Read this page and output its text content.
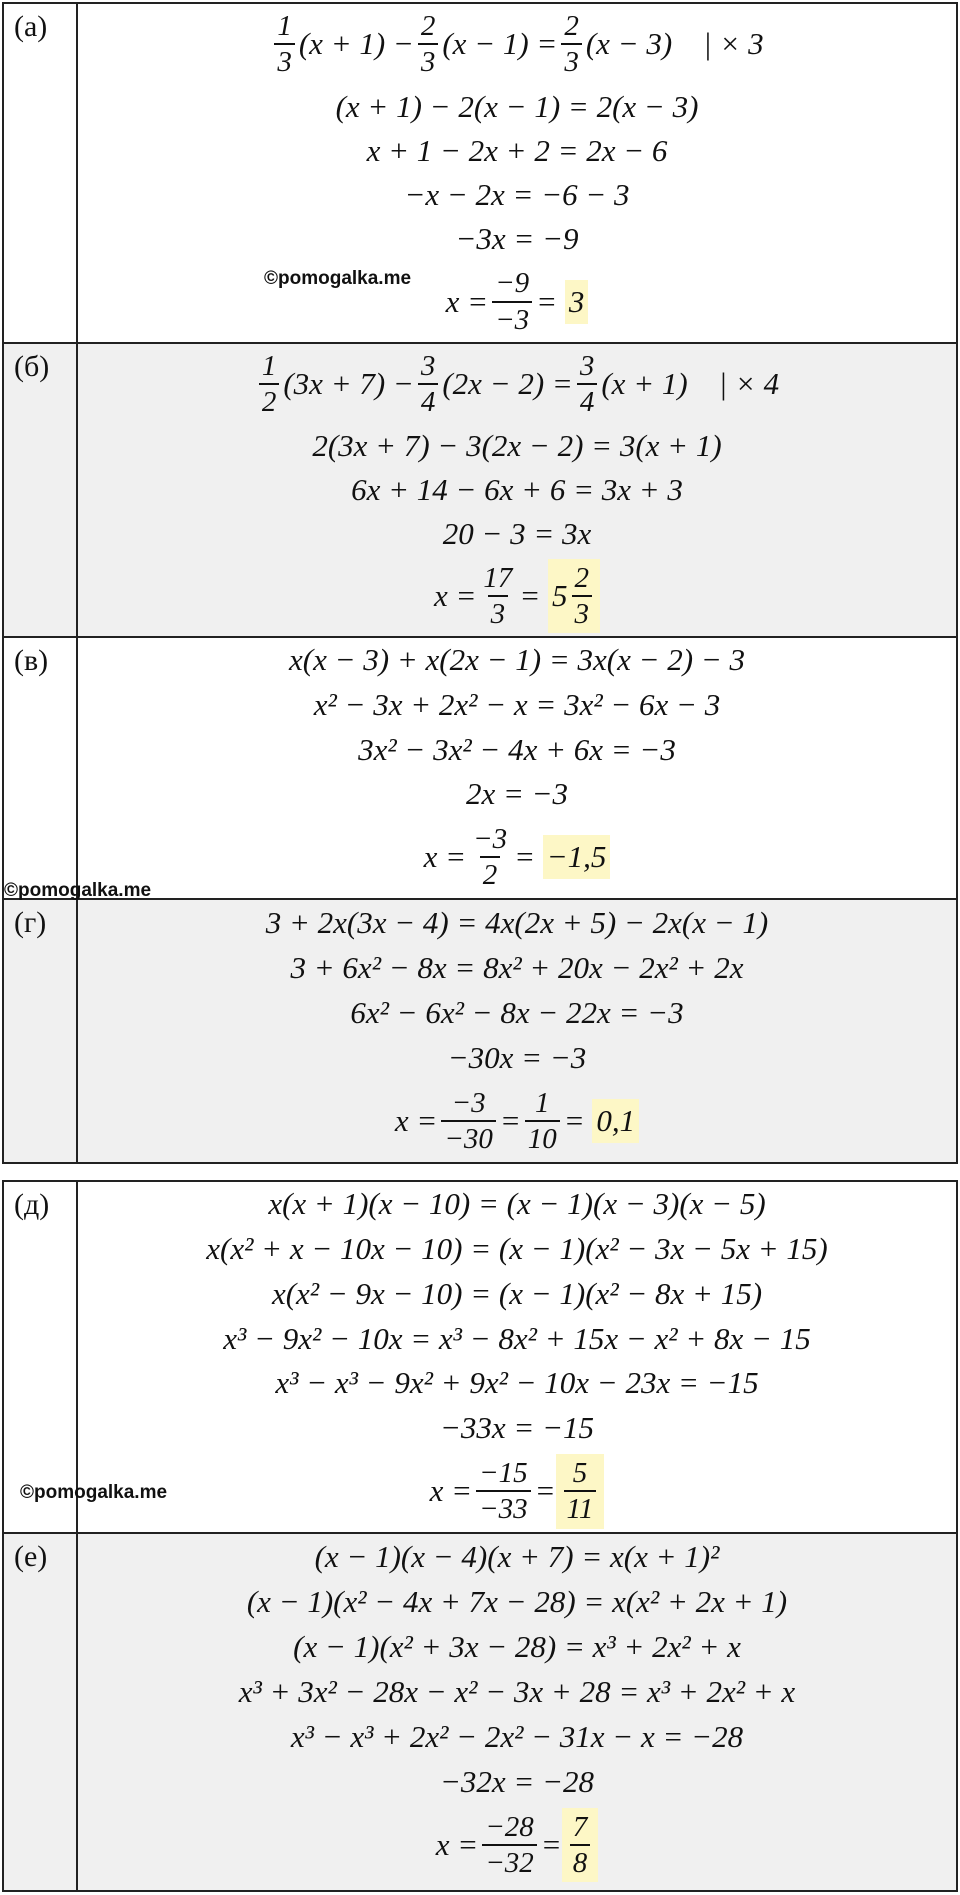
(а)	$\frac{1}{3} (x + 1) - \frac{2}{3} (x - 1) = \frac{2}{3} (x - 3)$    | × 3
(x + 1) − 2(x − 1) = 2(x − 3)
x + 1 − 2x + 2 = 2x − 6
−x − 2x = −6 − 3
−3x = −9
$x = \frac{-9}{-3} = 3$
(б)	$\frac{1}{2} (3x + 7) - \frac{3}{4} (2x - 2) = \frac{3}{4} (x + 1)$    | × 4
2(3x + 7) − 3(2x − 2) = 3(x + 1)
6x + 14 − 6x + 6 = 3x + 3
20 − 3 = 3x
$x = \frac{17}{3} = 5 \frac{2}{3}$
(в)	x(x − 3) + x(2x − 1) = 3x(x − 2) − 3
x² − 3x + 2x² − x = 3x² − 6x − 3
3x² − 3x² − 4x + 6x = −3
2x = −3
$x = \frac{-3}{2} = -1,5$
(г)	3 + 2x(3x − 4) = 4x(2x + 5) − 2x(x − 1)
3 + 6x² − 8x = 8x² + 20x − 2x² + 2x
6x² − 6x² − 8x − 22x = −3
−30x = −3
$x = \frac{-3}{-30} = \frac{1}{10} = 0,1$
(д)	x(x + 1)(x − 10) = (x − 1)(x − 3)(x − 5)
x(x² + x − 10x − 10) = (x − 1)(x² − 3x − 5x + 15)
x(x² − 9x − 10) = (x − 1)(x² − 8x + 15)
x³ − 9x² − 10x = x³ − 8x² + 15x − x² + 8x − 15
x³ − x³ − 9x² + 9x² − 10x − 23x = −15
−33x = −15
$x = \frac{-15}{-33} = \frac{5}{11}$
(е)	(x − 1)(x − 4)(x + 7) = x(x + 1)²
(x − 1)(x² − 4x + 7x − 28) = x(x² + 2x + 1)
(x − 1)(x² + 3x − 28) = x³ + 2x² + x
x³ + 3x² − 28x − x² − 3x + 28 = x³ + 2x² + x
x³ − x³ + 2x² − 2x² − 31x − x = −28
−32x = −28
$x = \frac{-28}{-32} = \frac{7}{8}$
©pomogalka.me
©pomogalka.me
©pomogalka.me
